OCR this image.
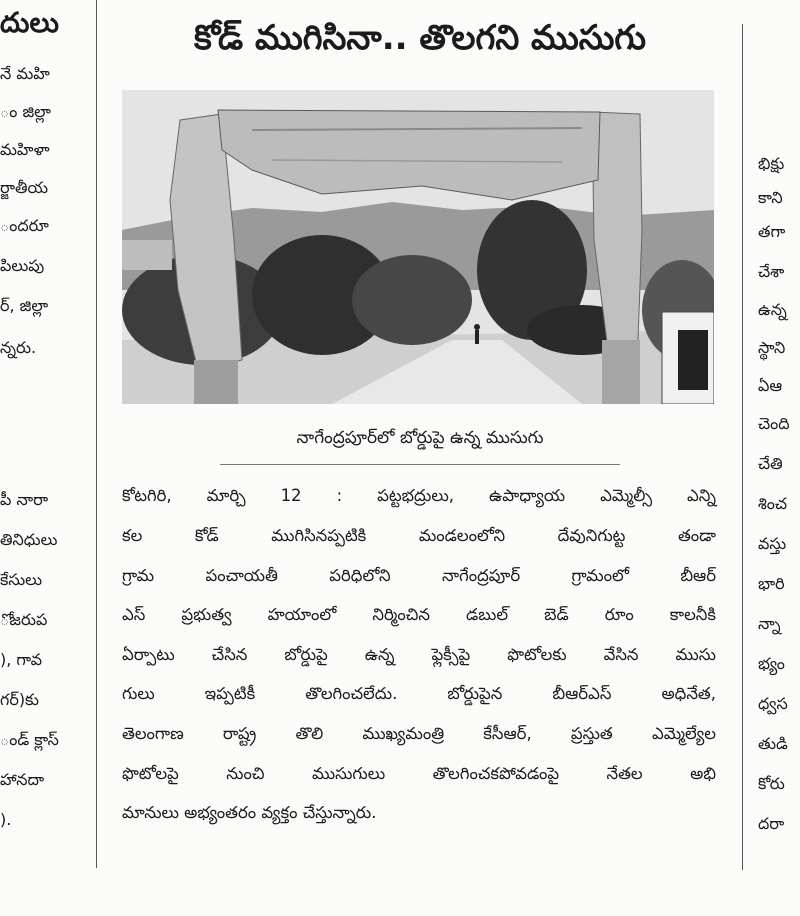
దులు
నే మహి
ం జిల్లా
మహిళా
ర్జాతీయ
ందరూ
పిలుపు
ర్, జిల్లా
న్నరు.
పీ నారా
తినిధులు
కేసులు
ోజరుప
), గావ
గర్)కు
ండ్ క్లాస్
హానదా
).
కోడ్ ముగిసినా.. తొలగని ముసుగు
నాగేంద్రపూర్‌లో బోర్డుపై ఉన్న ముసుగు
కోటగిరి, మార్చి 12 : పట్టభద్రులు, ఉపాధ్యాయ ఎమ్మెల్సీ ఎన్ని
కల కోడ్ ముగిసినప్పటికి మండలంలోని దేవునిగుట్ట తండా
గ్రామ పంచాయతీ పరిధిలోని నాగేంద్రపూర్ గ్రామంలో బీఆర్
ఎస్ ప్రభుత్వ హయాంలో నిర్మించిన డబుల్ బెడ్ రూం కాలనీకి
ఏర్పాటు చేసిన బోర్డుపై ఉన్న ఫ్లెక్సీపై ఫొటోలకు వేసిన ముసు
గులు ఇప్పటికీ తొలగించలేదు. బోర్డుపైన బీఆర్ఎస్ అధినేత,
తెలంగాణ రాష్ట్ర తొలి ముఖ్యమంత్రి కేసీఆర్, ప్రస్తుత ఎమ్మెల్యేల
ఫొటోలపై నుంచి ముసుగులు తొలగించకపోవడంపై నేతల అభి
మానులు అభ్యంతరం వ్యక్తం చేస్తున్నారు.
భిక్షు
కాని
తగా
చేశా
ఉన్న
స్థాని
ఏఆ
చెంది
చేతి
శించ
వస్తు
భారి
న్నా
భ్యం
ధ్వస
తుడి
కోరు
దరా
